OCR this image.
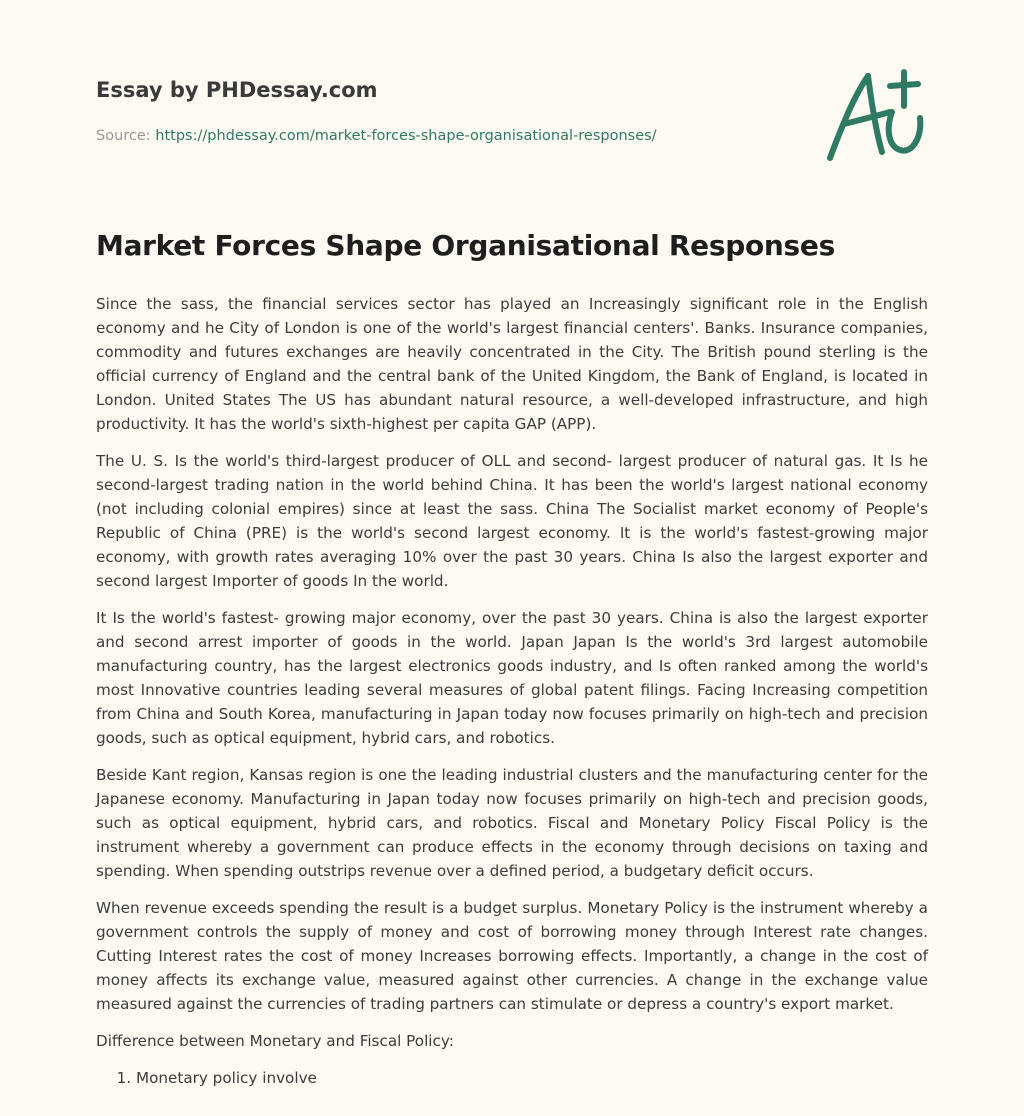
Essay by PHDessay.com
Source: https://phdessay.com/market-forces-shape-organisational-responses/
Market Forces Shape Organisational Responses

Since the sass, the financial services sector has played an Increasingly significant role in the English economy and he City of London is one of the world's largest financial centers'. Banks. Insurance companies, commodity and futures exchanges are heavily concentrated in the City. The British pound sterling is the official currency of England and the central bank of the United Kingdom, the Bank of England, is located in London. United States The US has abundant natural resource, a well-developed infrastructure, and high productivity. It has the world's sixth-highest per capita GAP (APP).

The U. S. Is the world's third-largest producer of OLL and second- largest producer of natural gas. It Is he second-largest trading nation in the world behind China. It has been the world's largest national economy (not including colonial empires) since at least the sass. China The Socialist market economy of People's Republic of China (PRE) is the world's second largest economy. It is the world's fastest-growing major economy, with growth rates averaging 10% over the past 30 years. China Is also the largest exporter and second largest Importer of goods In the world.

It Is the world's fastest- growing major economy, over the past 30 years. China is also the largest exporter and second arrest importer of goods in the world. Japan Japan Is the world's 3rd largest automobile manufacturing country, has the largest electronics goods industry, and Is often ranked among the world's most Innovative countries leading several measures of global patent filings. Facing Increasing competition from China and South Korea, manufacturing in Japan today now focuses primarily on high-tech and precision goods, such as optical equipment, hybrid cars, and robotics.

Beside Kant region, Kansas region is one the leading industrial clusters and the manufacturing center for the Japanese economy. Manufacturing in Japan today now focuses primarily on high-tech and precision goods, such as optical equipment, hybrid cars, and robotics. Fiscal and Monetary Policy Fiscal Policy is the instrument whereby a government can produce effects in the economy through decisions on taxing and spending. When spending outstrips revenue over a defined period, a budgetary deficit occurs.

When revenue exceeds spending the result is a budget surplus. Monetary Policy is the instrument whereby a government controls the supply of money and cost of borrowing money through Interest rate changes. Cutting Interest rates the cost of money Increases borrowing effects. Importantly, a change in the cost of money affects its exchange value, measured against other currencies. A change in the exchange value measured against the currencies of trading partners can stimulate or depress a country's export market.

Difference between Monetary and Fiscal Policy:

1. Monetary policy involve
